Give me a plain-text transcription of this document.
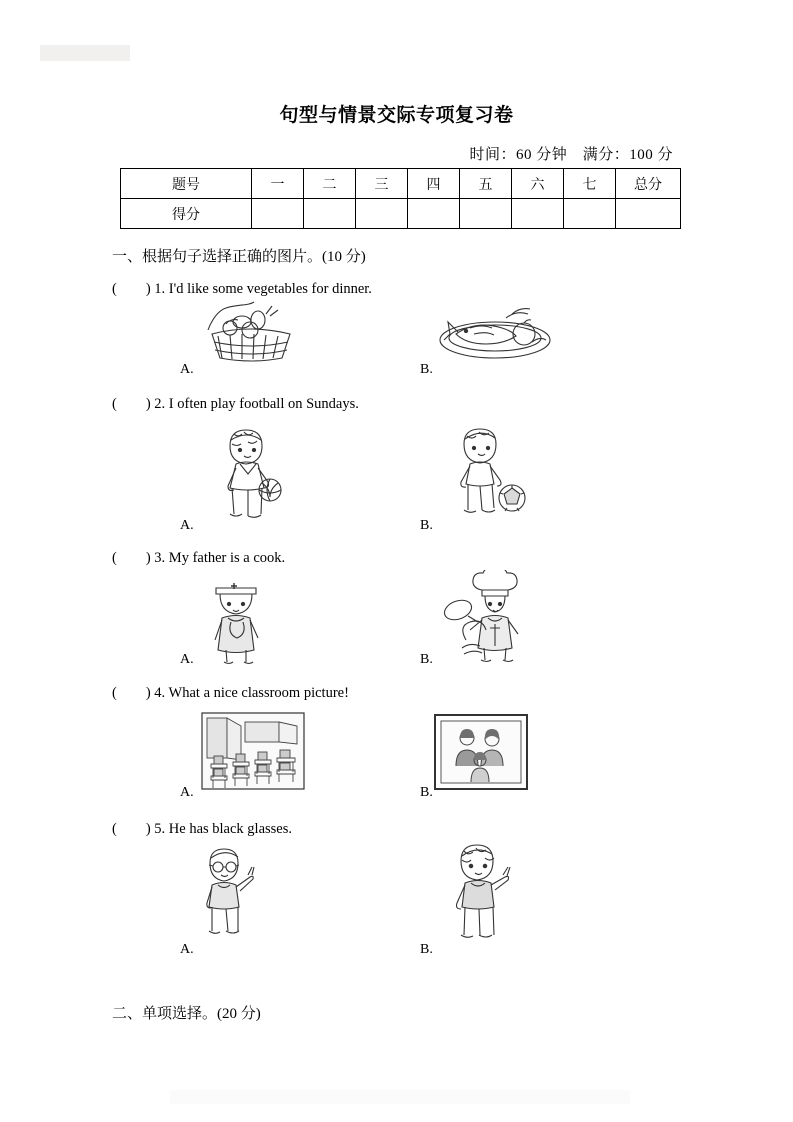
句型与情景交际专项复习卷
时间：60 分钟　满分：100 分
题号	一	二	三	四	五	六	七	总分
得分								
一、根据句子选择正确的图片。(10 分)
(　　) 1. I'd like some vegetables for dinner.
A.	B.
(　　) 2. I often play football on Sundays.
A.	B.
(　　) 3. My father is a cook.
A.	B.
(　　) 4. What a nice classroom picture!
A.	B.
(　　) 5. He has black glasses.
A.	B.
二、单项选择。(20 分)
